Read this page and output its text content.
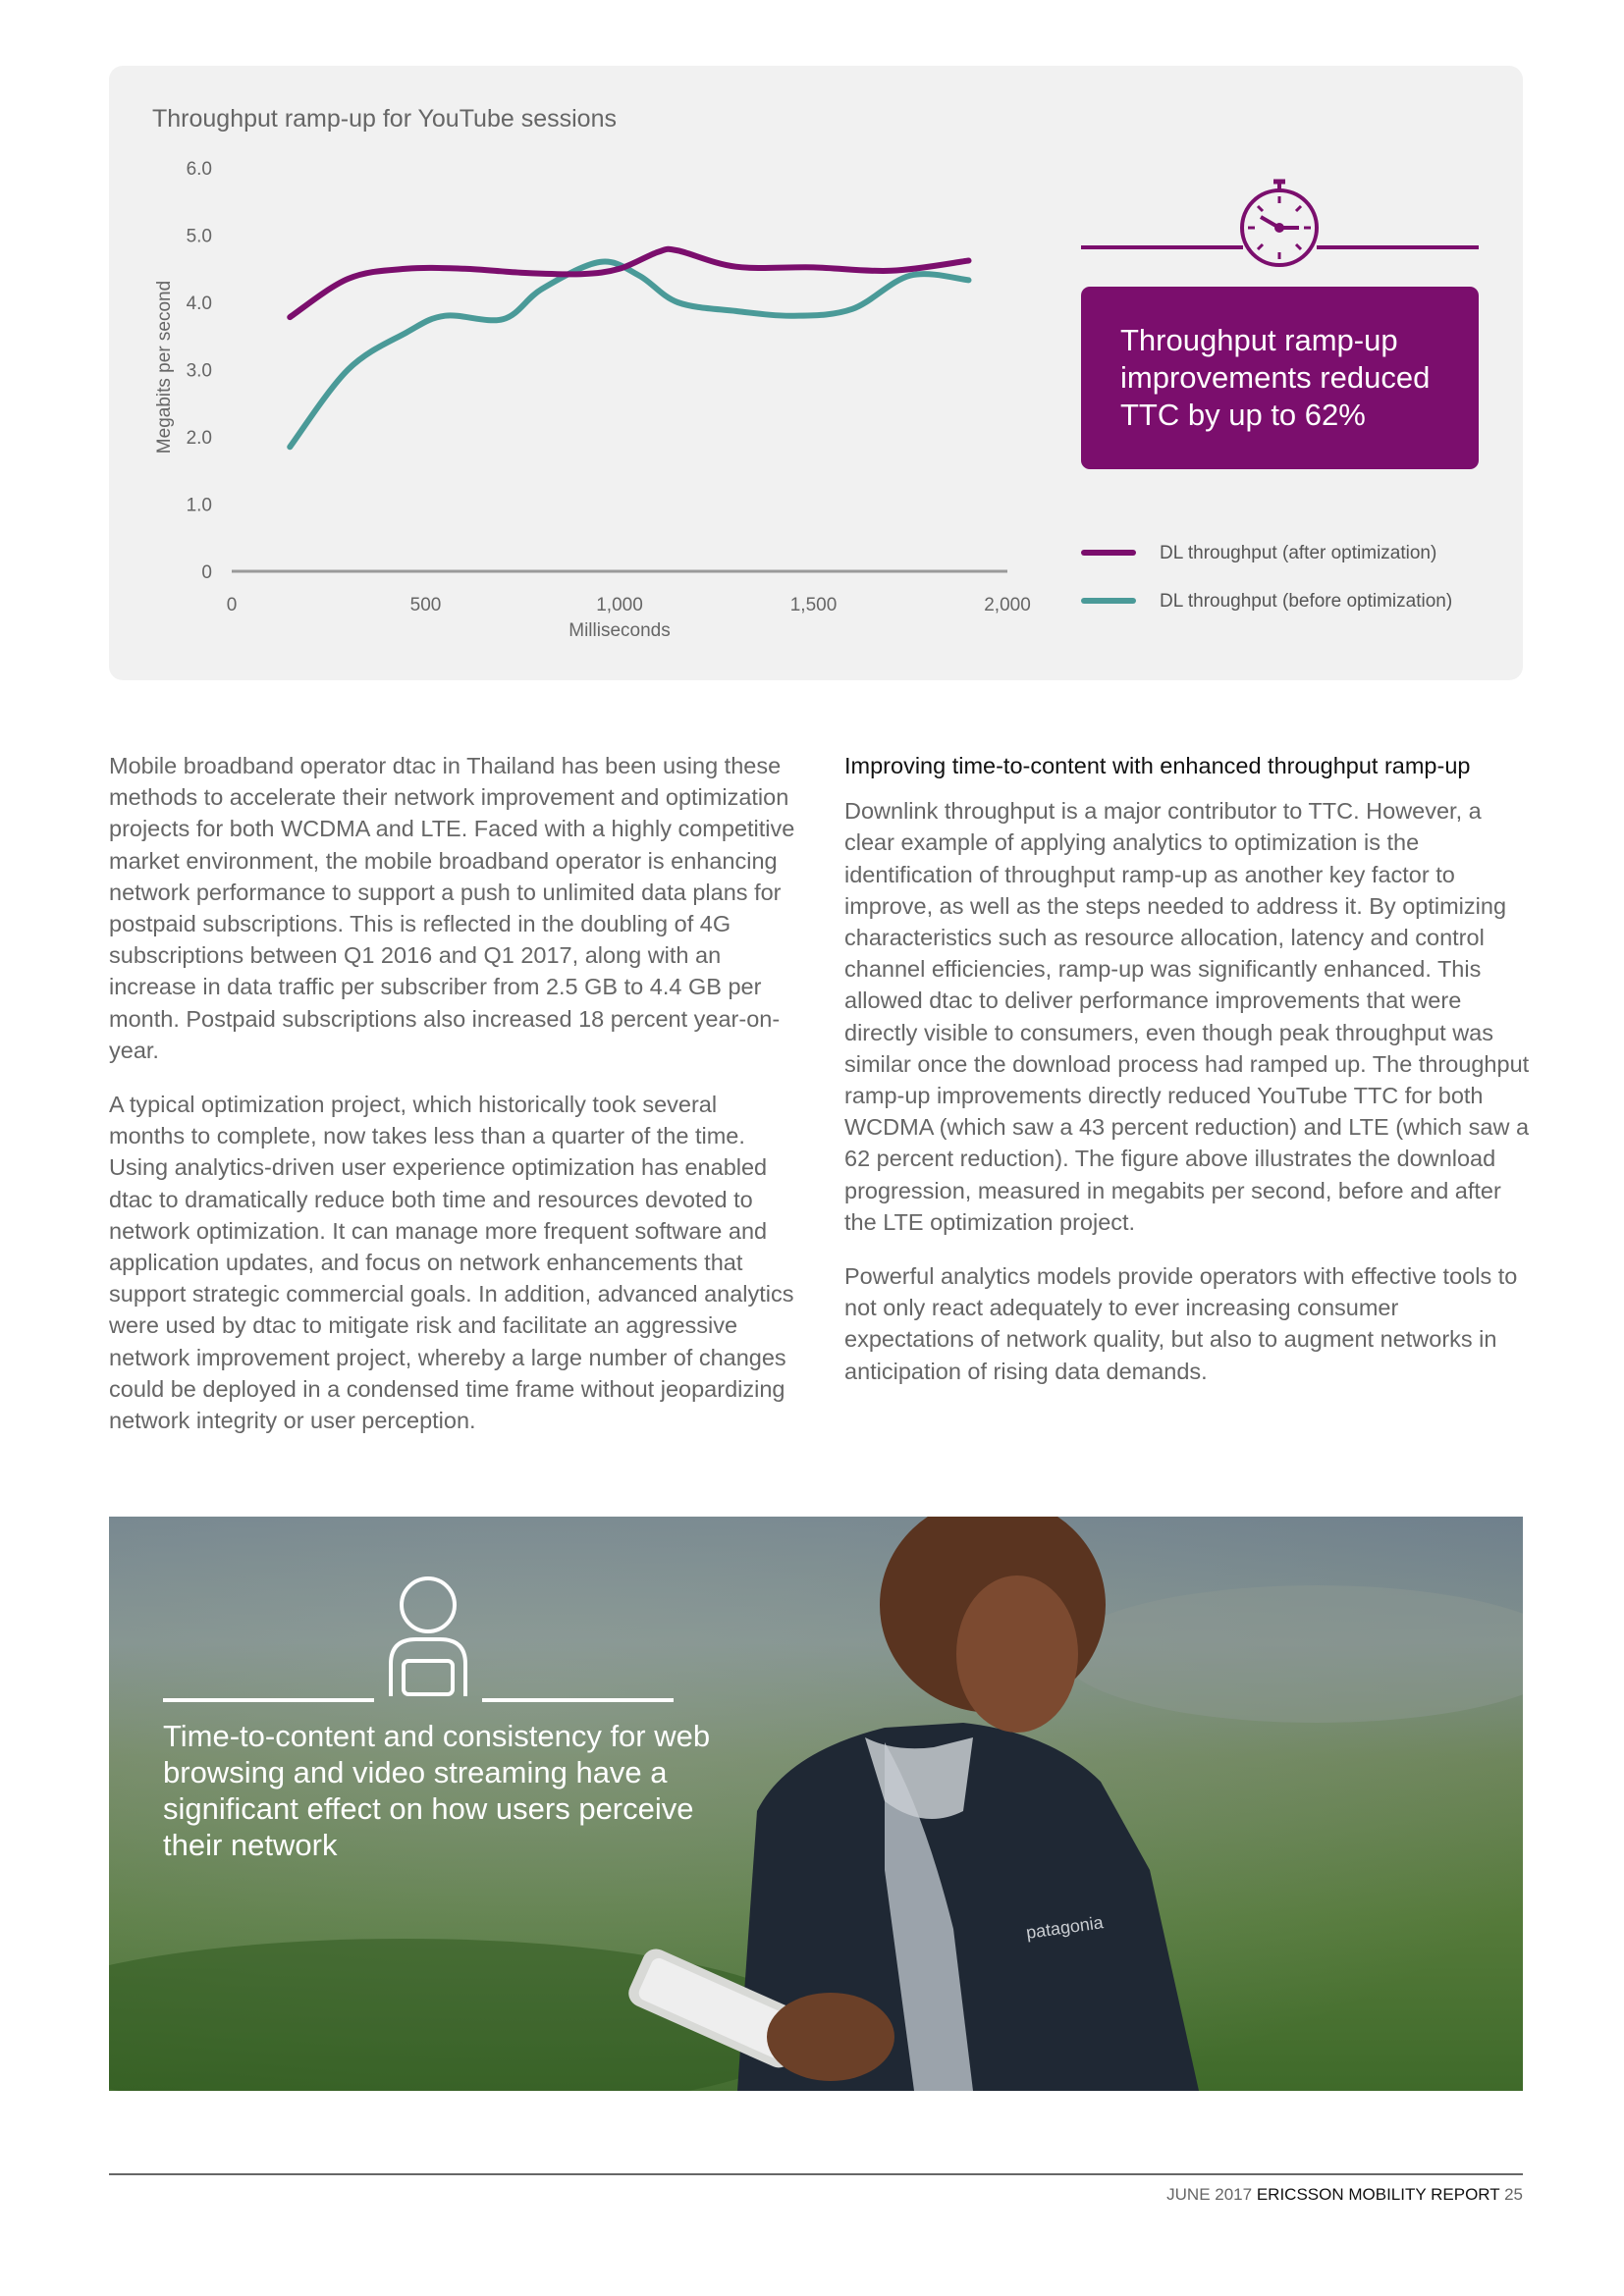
Throughput ramp-up for YouTube sessions
0
1.0
2.0
3.0
4.0
5.0
6.0
0	500	1,000	1,500	2,000
Milliseconds
Megabits per second	Throughput ramp-up improvements reduced TTC by up to 62%
DL throughput (after optimization)
DL throughput (before optimization)

Mobile broadband operator dtac in Thailand has been using these methods to accelerate their network improvement and optimization projects for both WCDMA and LTE. Faced with a highly competitive market environment, the mobile broadband operator is enhancing network performance to support a push to unlimited data plans for postpaid subscriptions. This is reflected in the doubling of 4G subscriptions between Q1 2016 and Q1 2017, along with an increase in data traffic per subscriber from 2.5 GB to 4.4 GB per month. Postpaid subscriptions also increased 18 percent year-on-year.

A typical optimization project, which historically took several months to complete, now takes less than a quarter of the time. Using analytics-driven user experience optimization has enabled dtac to dramatically reduce both time and resources devoted to network optimization. It can manage more frequent software and application updates, and focus on network enhancements that support strategic commercial goals. In addition, advanced analytics were used by dtac to mitigate risk and facilitate an aggressive network improvement project, whereby a large number of changes could be deployed in a condensed time frame without jeopardizing network integrity or user perception.

Improving time-to-content with enhanced throughput ramp-up

Downlink throughput is a major contributor to TTC. However, a clear example of applying analytics to optimization is the identification of throughput ramp-up as another key factor to improve, as well as the steps needed to address it. By optimizing characteristics such as resource allocation, latency and control channel efficiencies, ramp-up was significantly enhanced. This allowed dtac to deliver performance improvements that were directly visible to consumers, even though peak throughput was similar once the download process had ramped up. The throughput ramp-up improvements directly reduced YouTube TTC for both WCDMA (which saw a 43 percent reduction) and LTE (which saw a 62 percent reduction). The figure above illustrates the download progression, measured in megabits per second, before and after the LTE optimization project.

Powerful analytics models provide operators with effective tools to not only react adequately to ever increasing consumer expectations of network quality, but also to augment networks in anticipation of rising data demands.

patagonia
Time-to-content and consistency for web browsing and video streaming have a significant effect on how users perceive their network
JUNE 2017 ERICSSON MOBILITY REPORT 25
